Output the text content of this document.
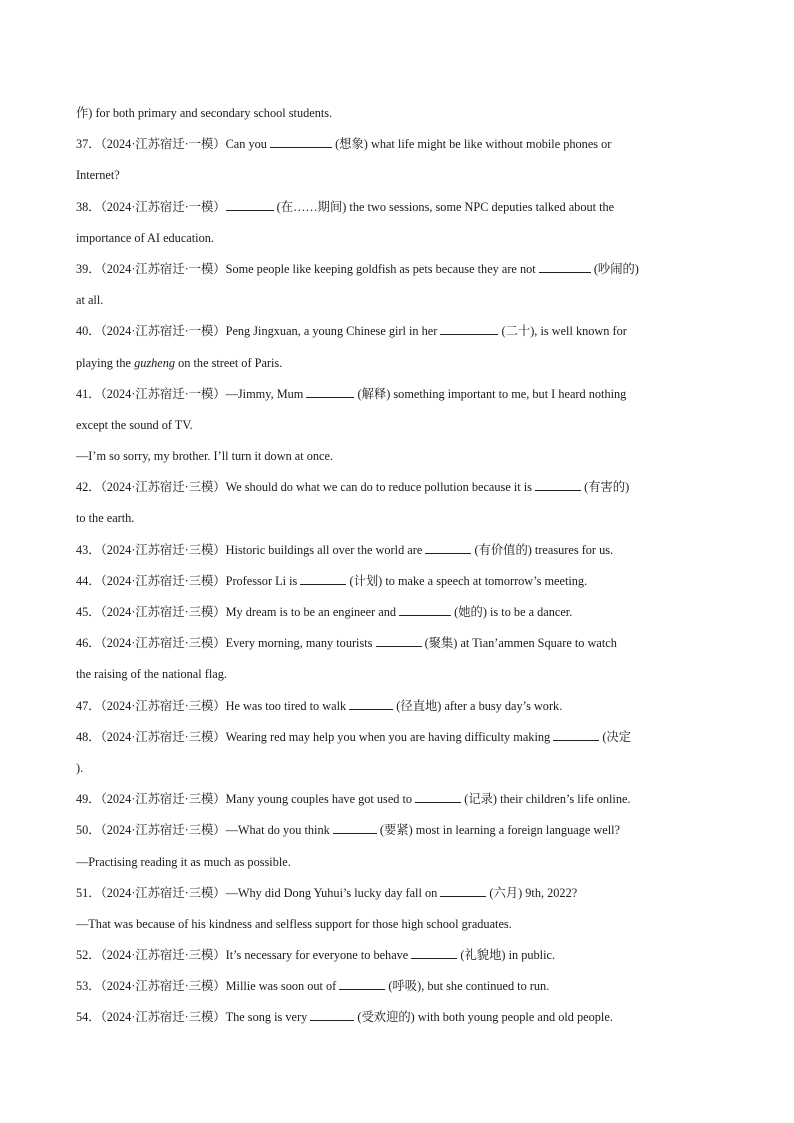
作) for both primary and secondary school students.
37．（2024·江苏宿迁·一模）Can you	(想象) what life might be like without mobile phones or
Internet?
38．（2024·江苏宿迁·一模）	(在……期间) the two sessions, some NPC deputies talked about the
importance of AI education.
39．（2024·江苏宿迁·一模）Some people like keeping goldfish as pets because they are not	(吵闹的)
at all.
40．（2024·江苏宿迁·一模）Peng Jingxuan, a young Chinese girl in her	(二十), is well known for
playing the guzheng on the street of Paris.
41．（2024·江苏宿迁·一模）—Jimmy, Mum	(解释) something important to me, but I heard nothing
except the sound of TV.
—I’m so sorry, my brother. I’ll turn it down at once.
42．（2024·江苏宿迁·三模）We should do what we can do to reduce pollution because it is	(有害的)
to the earth.
43．（2024·江苏宿迁·三模）Historic buildings all over the world are	(有价值的) treasures for us.
44．（2024·江苏宿迁·三模）Professor Li is	(计划) to make a speech at tomorrow’s meeting.
45．（2024·江苏宿迁·三模）My dream is to be an engineer and	(她的) is to be a dancer.
46．（2024·江苏宿迁·三模）Every morning, many tourists	(聚集) at Tian’ammen Square to watch
the raising of the national flag.
47．（2024·江苏宿迁·三模）He was too tired to walk	(径直地) after a busy day’s work.
48．（2024·江苏宿迁·三模）Wearing red may help you when you are having difficulty making	(决定
).
49．（2024·江苏宿迁·三模）Many young couples have got used to	(记录) their children’s life online.
50．（2024·江苏宿迁·三模）—What do you think	(要紧) most in learning a foreign language well?
—Practising reading it as much as possible.
51．（2024·江苏宿迁·三模）—Why did Dong Yuhui’s lucky day fall on	(六月) 9th, 2022?
—That was because of his kindness and selfless support for those high school graduates.
52．（2024·江苏宿迁·三模）It’s necessary for everyone to behave	(礼貌地) in public.
53．（2024·江苏宿迁·三模）Millie was soon out of	(呼吸), but she continued to run.
54．（2024·江苏宿迁·三模）The song is very	(受欢迎的) with both young people and old people.
